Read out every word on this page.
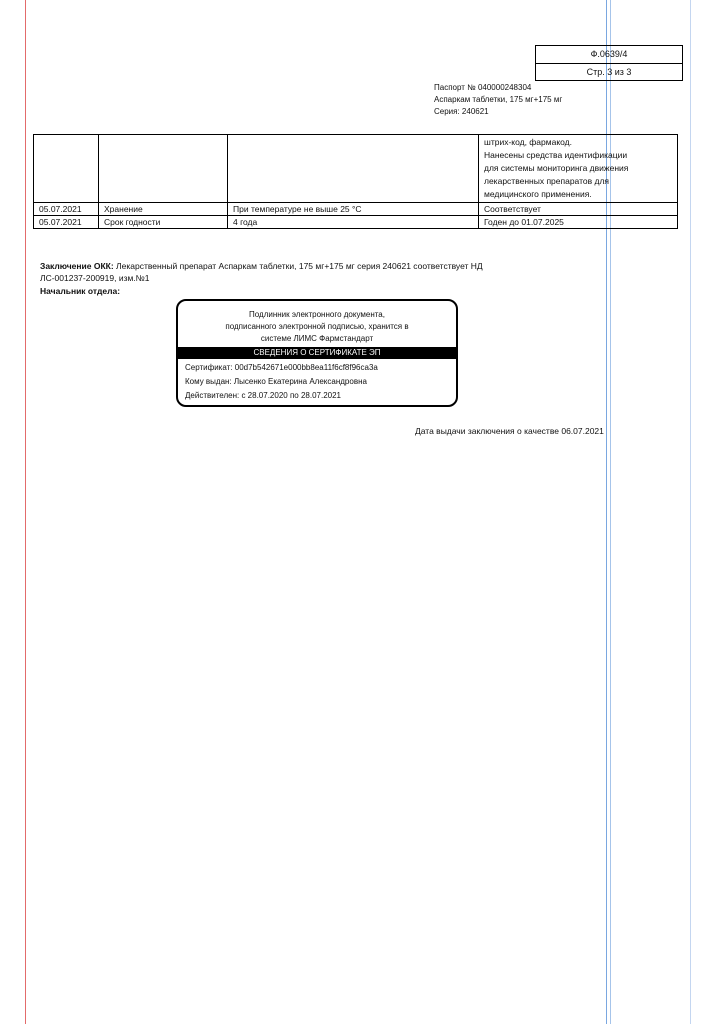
Ф.0639/4
Стр. 3 из 3
Паспорт № 040000248304
Аспаркам таблетки, 175 мг+175 мг
Серия: 240621

			штрих-код, фармакод.
Нанесены средства идентификации
для системы мониторинга движения
лекарственных препаратов для
медицинского применения.

05.07.2021	Хранение	При температуре не выше 25 °С	Соответствует
05.07.2021	Срок годности	4 года	Годен до 01.07.2025
Заключение ОКК: Лекарственный препарат Аспаркам таблетки, 175 мг+175 мг серия 240621 соответствует НД
ЛС-001237-200919, изм.№1
Начальник отдела:
Подлинник электронного документа,
подписанного электронной подписью, хранится в
системе ЛИМС Фармстандарт
СВЕДЕНИЯ О СЕРТИФИКАТЕ ЭП
Сертификат: 00d7b542671e000bb8ea11f6cf8f96ca3a
Кому выдан: Лысенко Екатерина Александровна
Действителен: с 28.07.2020 по 28.07.2021
Дата выдачи заключения о качестве 06.07.2021
